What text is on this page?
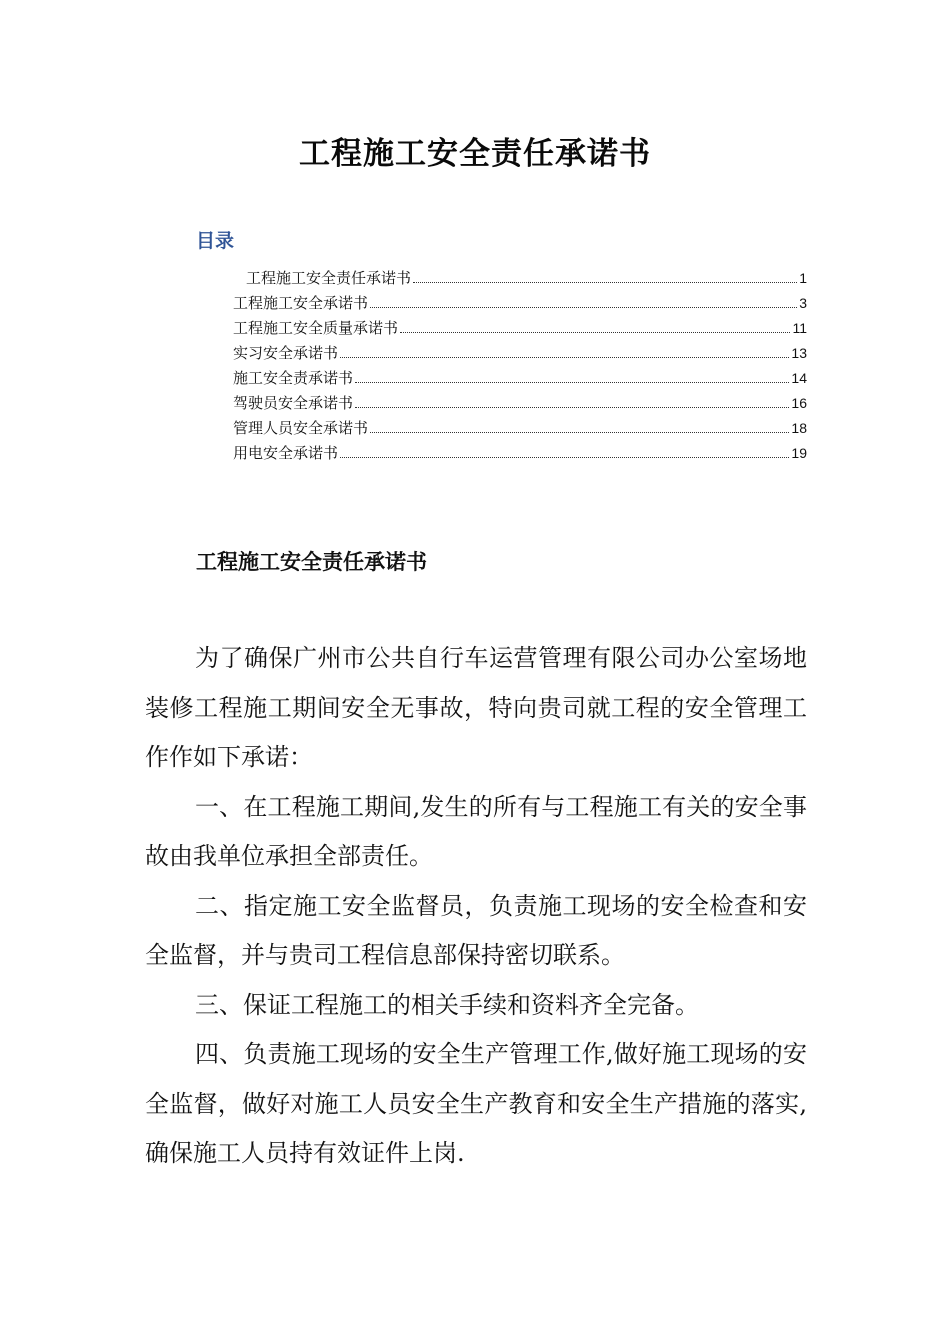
工程施工安全责任承诺书
目录
工程施工安全责任承诺书	1
工程施工安全承诺书	3
工程施工安全质量承诺书	11
实习安全承诺书	13
施工安全责承诺书	14
驾驶员安全承诺书	16
管理人员安全承诺书	18
用电安全承诺书	19
工程施工安全责任承诺书

为了确保广州市公共自行车运营管理有限公司办公室场地装修工程施工期间安全无事故，特向贵司就工程的安全管理工作作如下承诺：

一、在工程施工期间,发生的所有与工程施工有关的安全事故由我单位承担全部责任。

二、指定施工安全监督员，负责施工现场的安全检查和安全监督，并与贵司工程信息部保持密切联系。

三、保证工程施工的相关手续和资料齐全完备。

四、负责施工现场的安全生产管理工作,做好施工现场的安全监督，做好对施工人员安全生产教育和安全生产措施的落实,确保施工人员持有效证件上岗.
